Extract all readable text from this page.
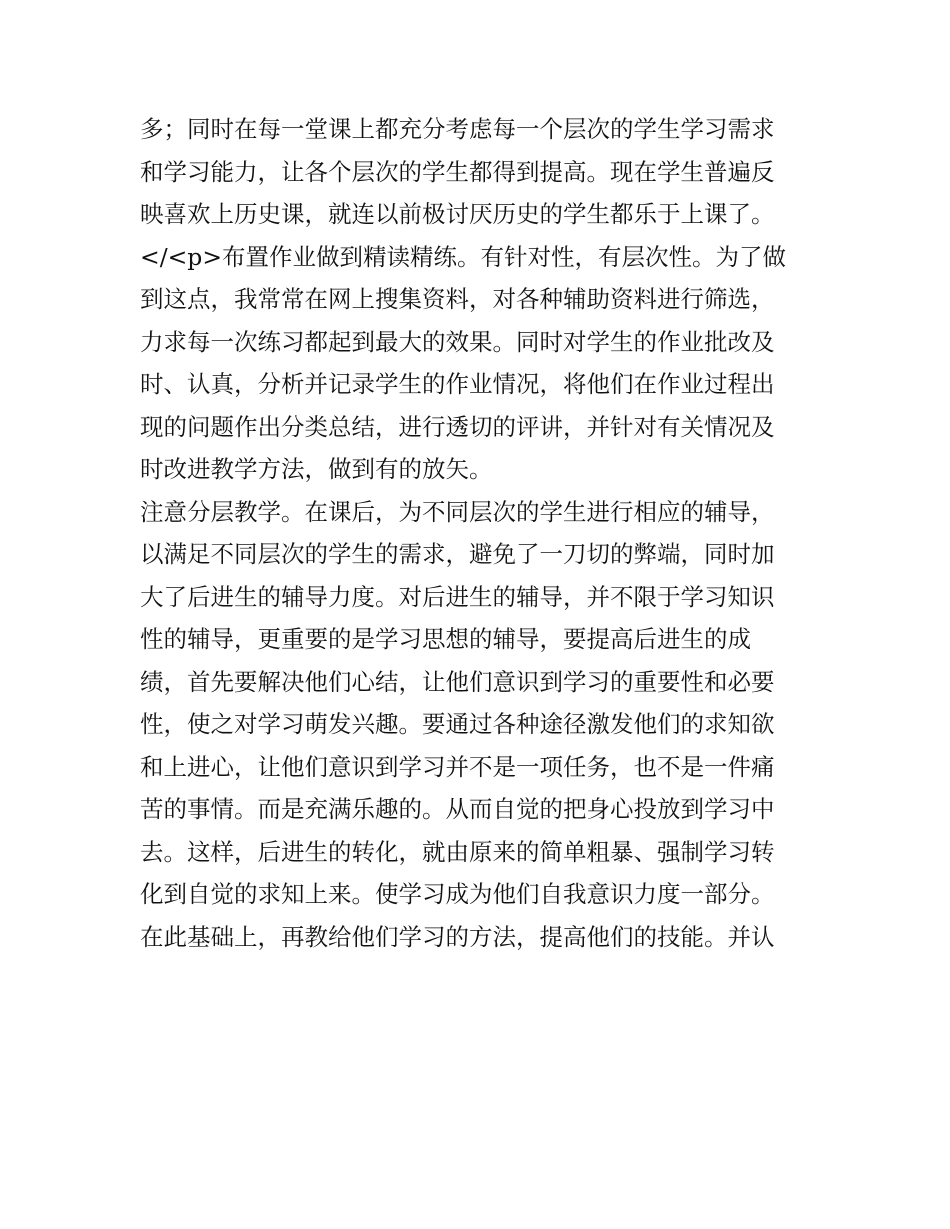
多；同时在每一堂课上都充分考虑每一个层次的学生学习需求
和学习能力，让各个层次的学生都得到提高。现在学生普遍反
映喜欢上历史课，就连以前极讨厌历史的学生都乐于上课了。
</<p>布置作业做到精读精练。有针对性，有层次性。为了做
到这点，我常常在网上搜集资料，对各种辅助资料进行筛选，
力求每一次练习都起到最大的效果。同时对学生的作业批改及
时、认真，分析并记录学生的作业情况，将他们在作业过程出
现的问题作出分类总结，进行透切的评讲，并针对有关情况及
时改进教学方法，做到有的放矢。
注意分层教学。在课后，为不同层次的学生进行相应的辅导，
以满足不同层次的学生的需求，避免了一刀切的弊端，同时加
大了后进生的辅导力度。对后进生的辅导，并不限于学习知识
性的辅导，更重要的是学习思想的辅导，要提高后进生的成
绩，首先要解决他们心结，让他们意识到学习的重要性和必要
性，使之对学习萌发兴趣。要通过各种途径激发他们的求知欲
和上进心，让他们意识到学习并不是一项任务，也不是一件痛
苦的事情。而是充满乐趣的。从而自觉的把身心投放到学习中
去。这样，后进生的转化，就由原来的简单粗暴、强制学习转
化到自觉的求知上来。使学习成为他们自我意识力度一部分。
在此基础上，再教给他们学习的方法，提高他们的技能。并认
